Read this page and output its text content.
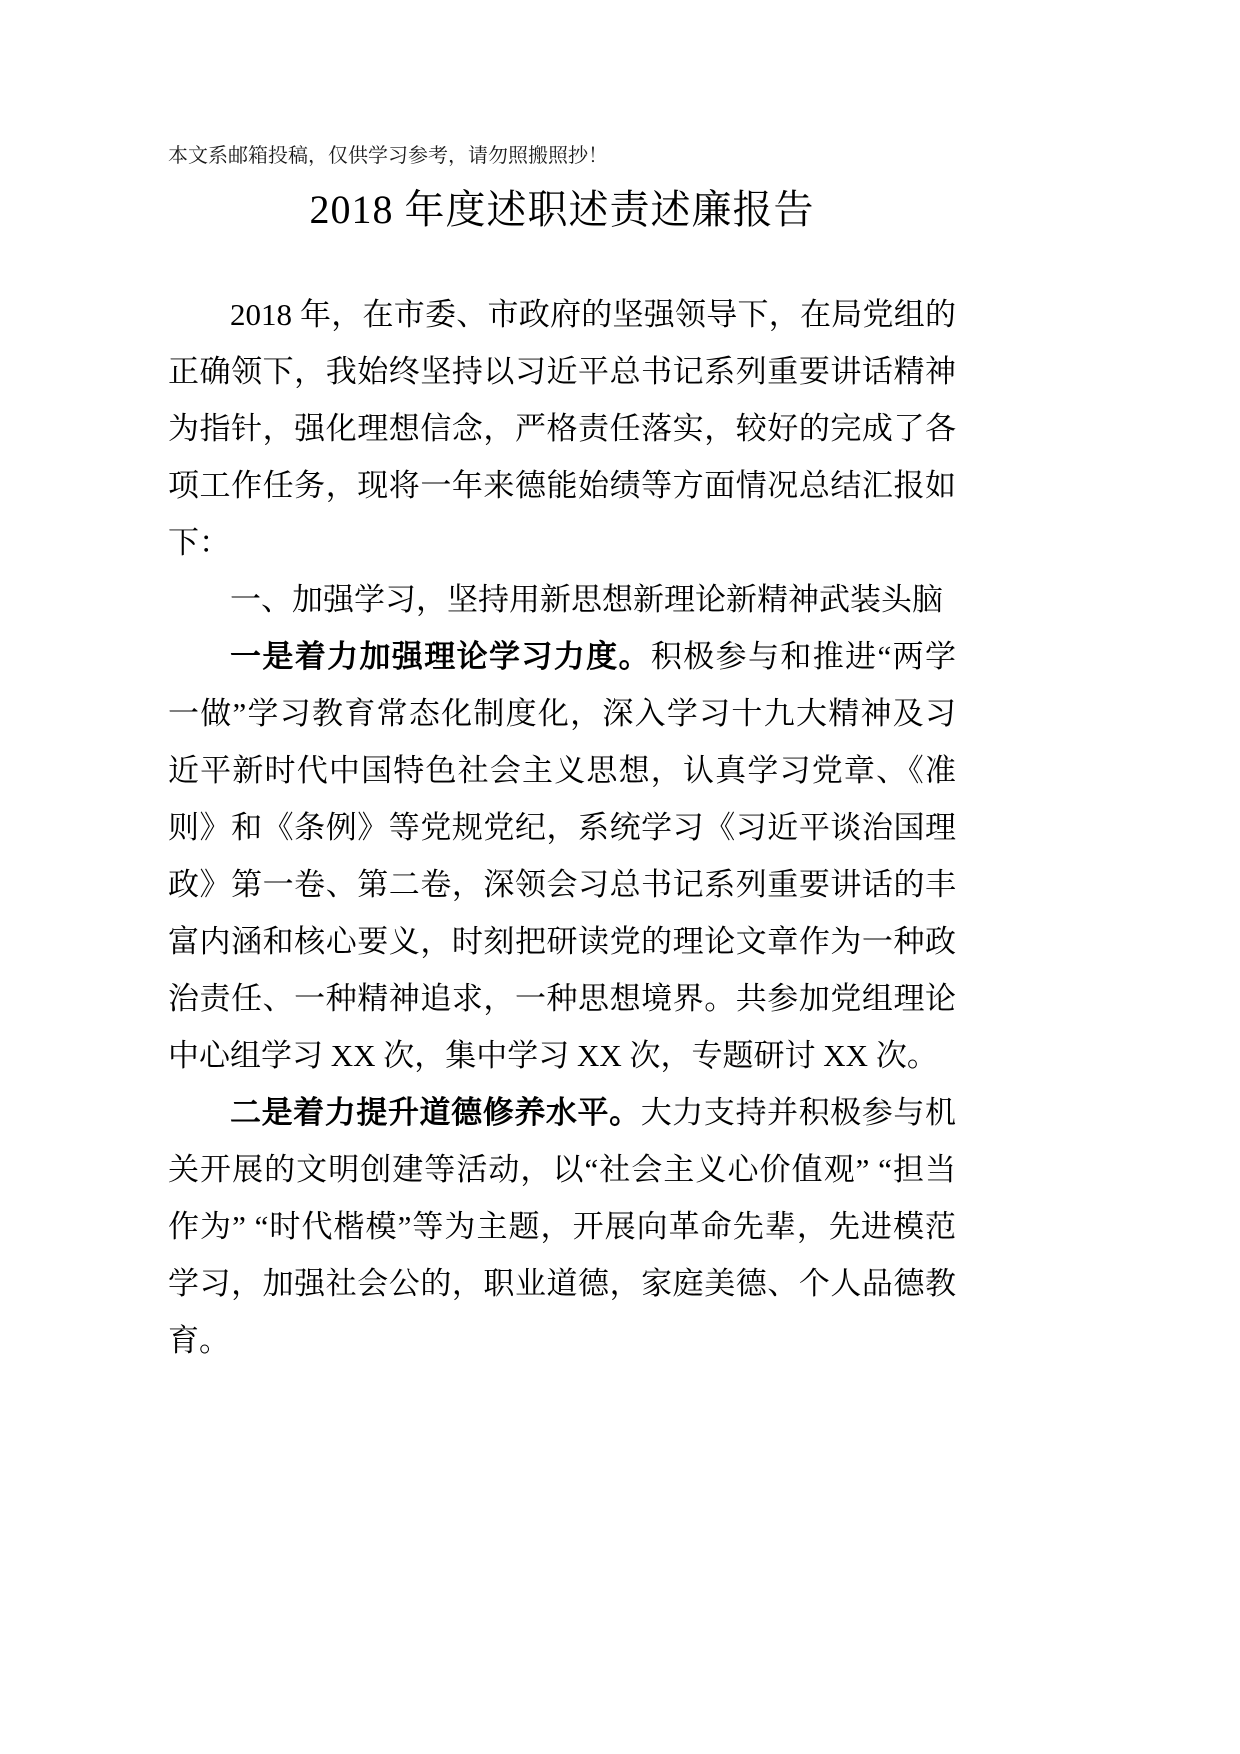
本文系邮箱投稿，仅供学习参考，请勿照搬照抄！

2018 年度述职述责述廉报告

2018 年，在市委、市政府的坚强领导下，在局党组的正确领下，我始终坚持以习近平总书记系列重要讲话精神为指针，强化理想信念，严格责任落实，较好的完成了各项工作任务，现将一年来德能始绩等方面情况总结汇报如下：

一、加强学习，坚持用新思想新理论新精神武装头脑

一是着力加强理论学习力度。积极参与和推进“两学一做”学习教育常态化制度化，深入学习十九大精神及习近平新时代中国特色社会主义思想，认真学习党章、《准则》和《条例》等党规党纪，系统学习《习近平谈治国理政》第一卷、第二卷，深领会习总书记系列重要讲话的丰富内涵和核心要义，时刻把研读党的理论文章作为一种政治责任、一种精神追求，一种思想境界。共参加党组理论中心组学习 XX 次，集中学习 XX 次，专题研讨 XX 次。

二是着力提升道德修养水平。大力支持并积极参与机关开展的文明创建等活动，以“社会主义心价值观” “担当作为” “时代楷模”等为主题，开展向革命先辈，先进模范学习，加强社会公的，职业道德，家庭美德、个人品德教育。
